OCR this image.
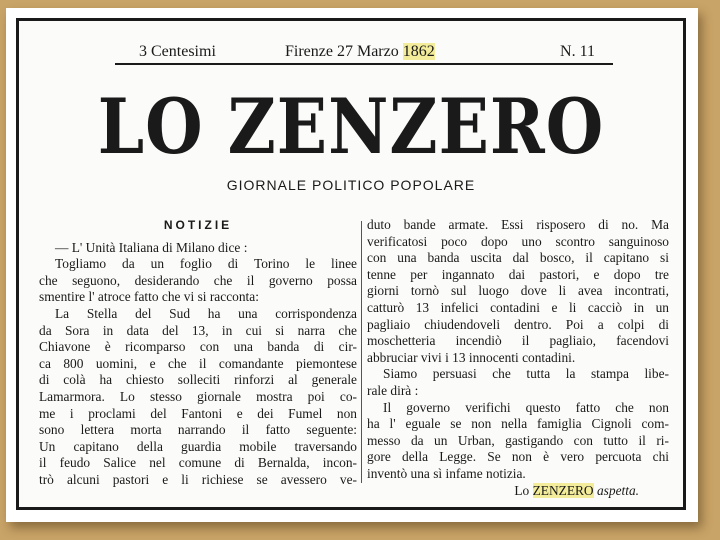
3 Centesimi	Firenze 27 Marzo 1862	N. 11
LO ZENZERO
GIORNALE POLITICO POPOLARE
NOTIZIE
— L' Unità Italiana di Milano dice :
Togliamo da un foglio di Torino le linee
che seguono, desiderando che il governo possa
smentire l' atroce fatto che vi si racconta:
La Stella del Sud ha una corrispondenza
da Sora in data del 13, in cui si narra che
Chiavone è ricomparso con una banda di cir-
ca 800 uomini, e che il comandante piemontese
di colà ha chiesto solleciti rinforzi al generale
Lamarmora. Lo stesso giornale mostra poi co-
me i proclami del Fantoni e dei Fumel non
sono lettera morta narrando il fatto seguente:
Un capitano della guardia mobile traversando
il feudo Salice nel comune di Bernalda, incon-
trò alcuni pastori e li richiese se avessero ve-
duto bande armate. Essi risposero di no. Ma
verificatosi poco dopo uno scontro sanguinoso
con una banda uscita dal bosco, il capitano si
tenne per ingannato dai pastori, e dopo tre
giorni tornò sul luogo dove li avea incontrati,
catturò 13 infelici contadini e li cacciò in un
pagliaio chiudendoveli dentro. Poi a colpi di
moschetteria incendiò il pagliaio, facendovi
abbruciar vivi i 13 innocenti contadini.
Siamo persuasi che tutta la stampa libe-
rale dirà :
Il governo verifichi questo fatto che non
ha l' eguale se non nella famiglia Cignoli com-
messo da un Urban, gastigando con tutto il ri-
gore della Legge. Se non è vero percuota chi
inventò una sì infame notizia.
Lo ZENZERO aspetta.
